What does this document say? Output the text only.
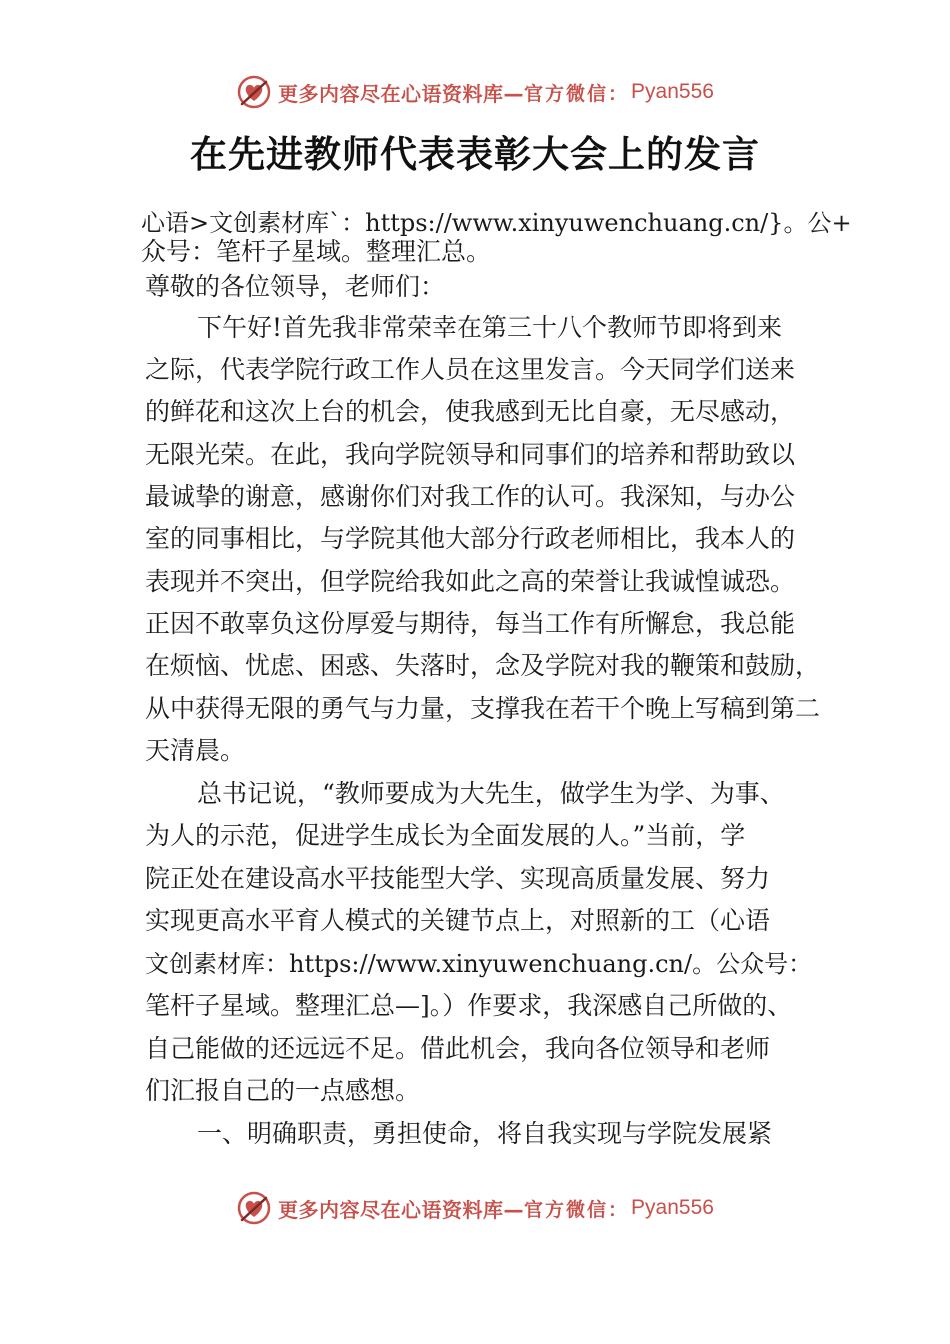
更多内容尽在心语资料库— 官方微信： Pyan556
在先进教师代表表彰大会上的发言
心语>文创素材库`：https://www.xinyuwenchuang.cn/}。公+
众号：笔杆子星域。整理汇总。
尊敬的各位领导，老师们：
下午好!首先我非常荣幸在第三十八个教师节即将到来
之际，代表学院行政工作人员在这里发言。今天同学们送来
的鲜花和这次上台的机会，使我感到无比自豪，无尽感动，
无限光荣。在此，我向学院领导和同事们的培养和帮助致以
最诚挚的谢意，感谢你们对我工作的认可。我深知，与办公
室的同事相比，与学院其他大部分行政老师相比，我本人的
表现并不突出，但学院给我如此之高的荣誉让我诚惶诚恐。
正因不敢辜负这份厚爱与期待，每当工作有所懈怠，我总能
在烦恼、忧虑、困惑、失落时，念及学院对我的鞭策和鼓励，
从中获得无限的勇气与力量，支撑我在若干个晚上写稿到第二
天清晨。
总书记说，“教师要成为大先生，做学生为学、为事、
为人的示范，促进学生成长为全面发展的人。”当前，学
院正处在建设高水平技能型大学、实现高质量发展、努力
实现更高水平育人模式的关键节点上，对照新的工（心语
文创素材库：https://www.xinyuwenchuang.cn/。公众号：
笔杆子星域。整理汇总—]。）作要求，我深感自己所做的、
自己能做的还远远不足。借此机会，我向各位领导和老师
们汇报自己的一点感想。
一、明确职责，勇担使命，将自我实现与学院发展紧
更多内容尽在心语资料库— 官方微信： Pyan556
